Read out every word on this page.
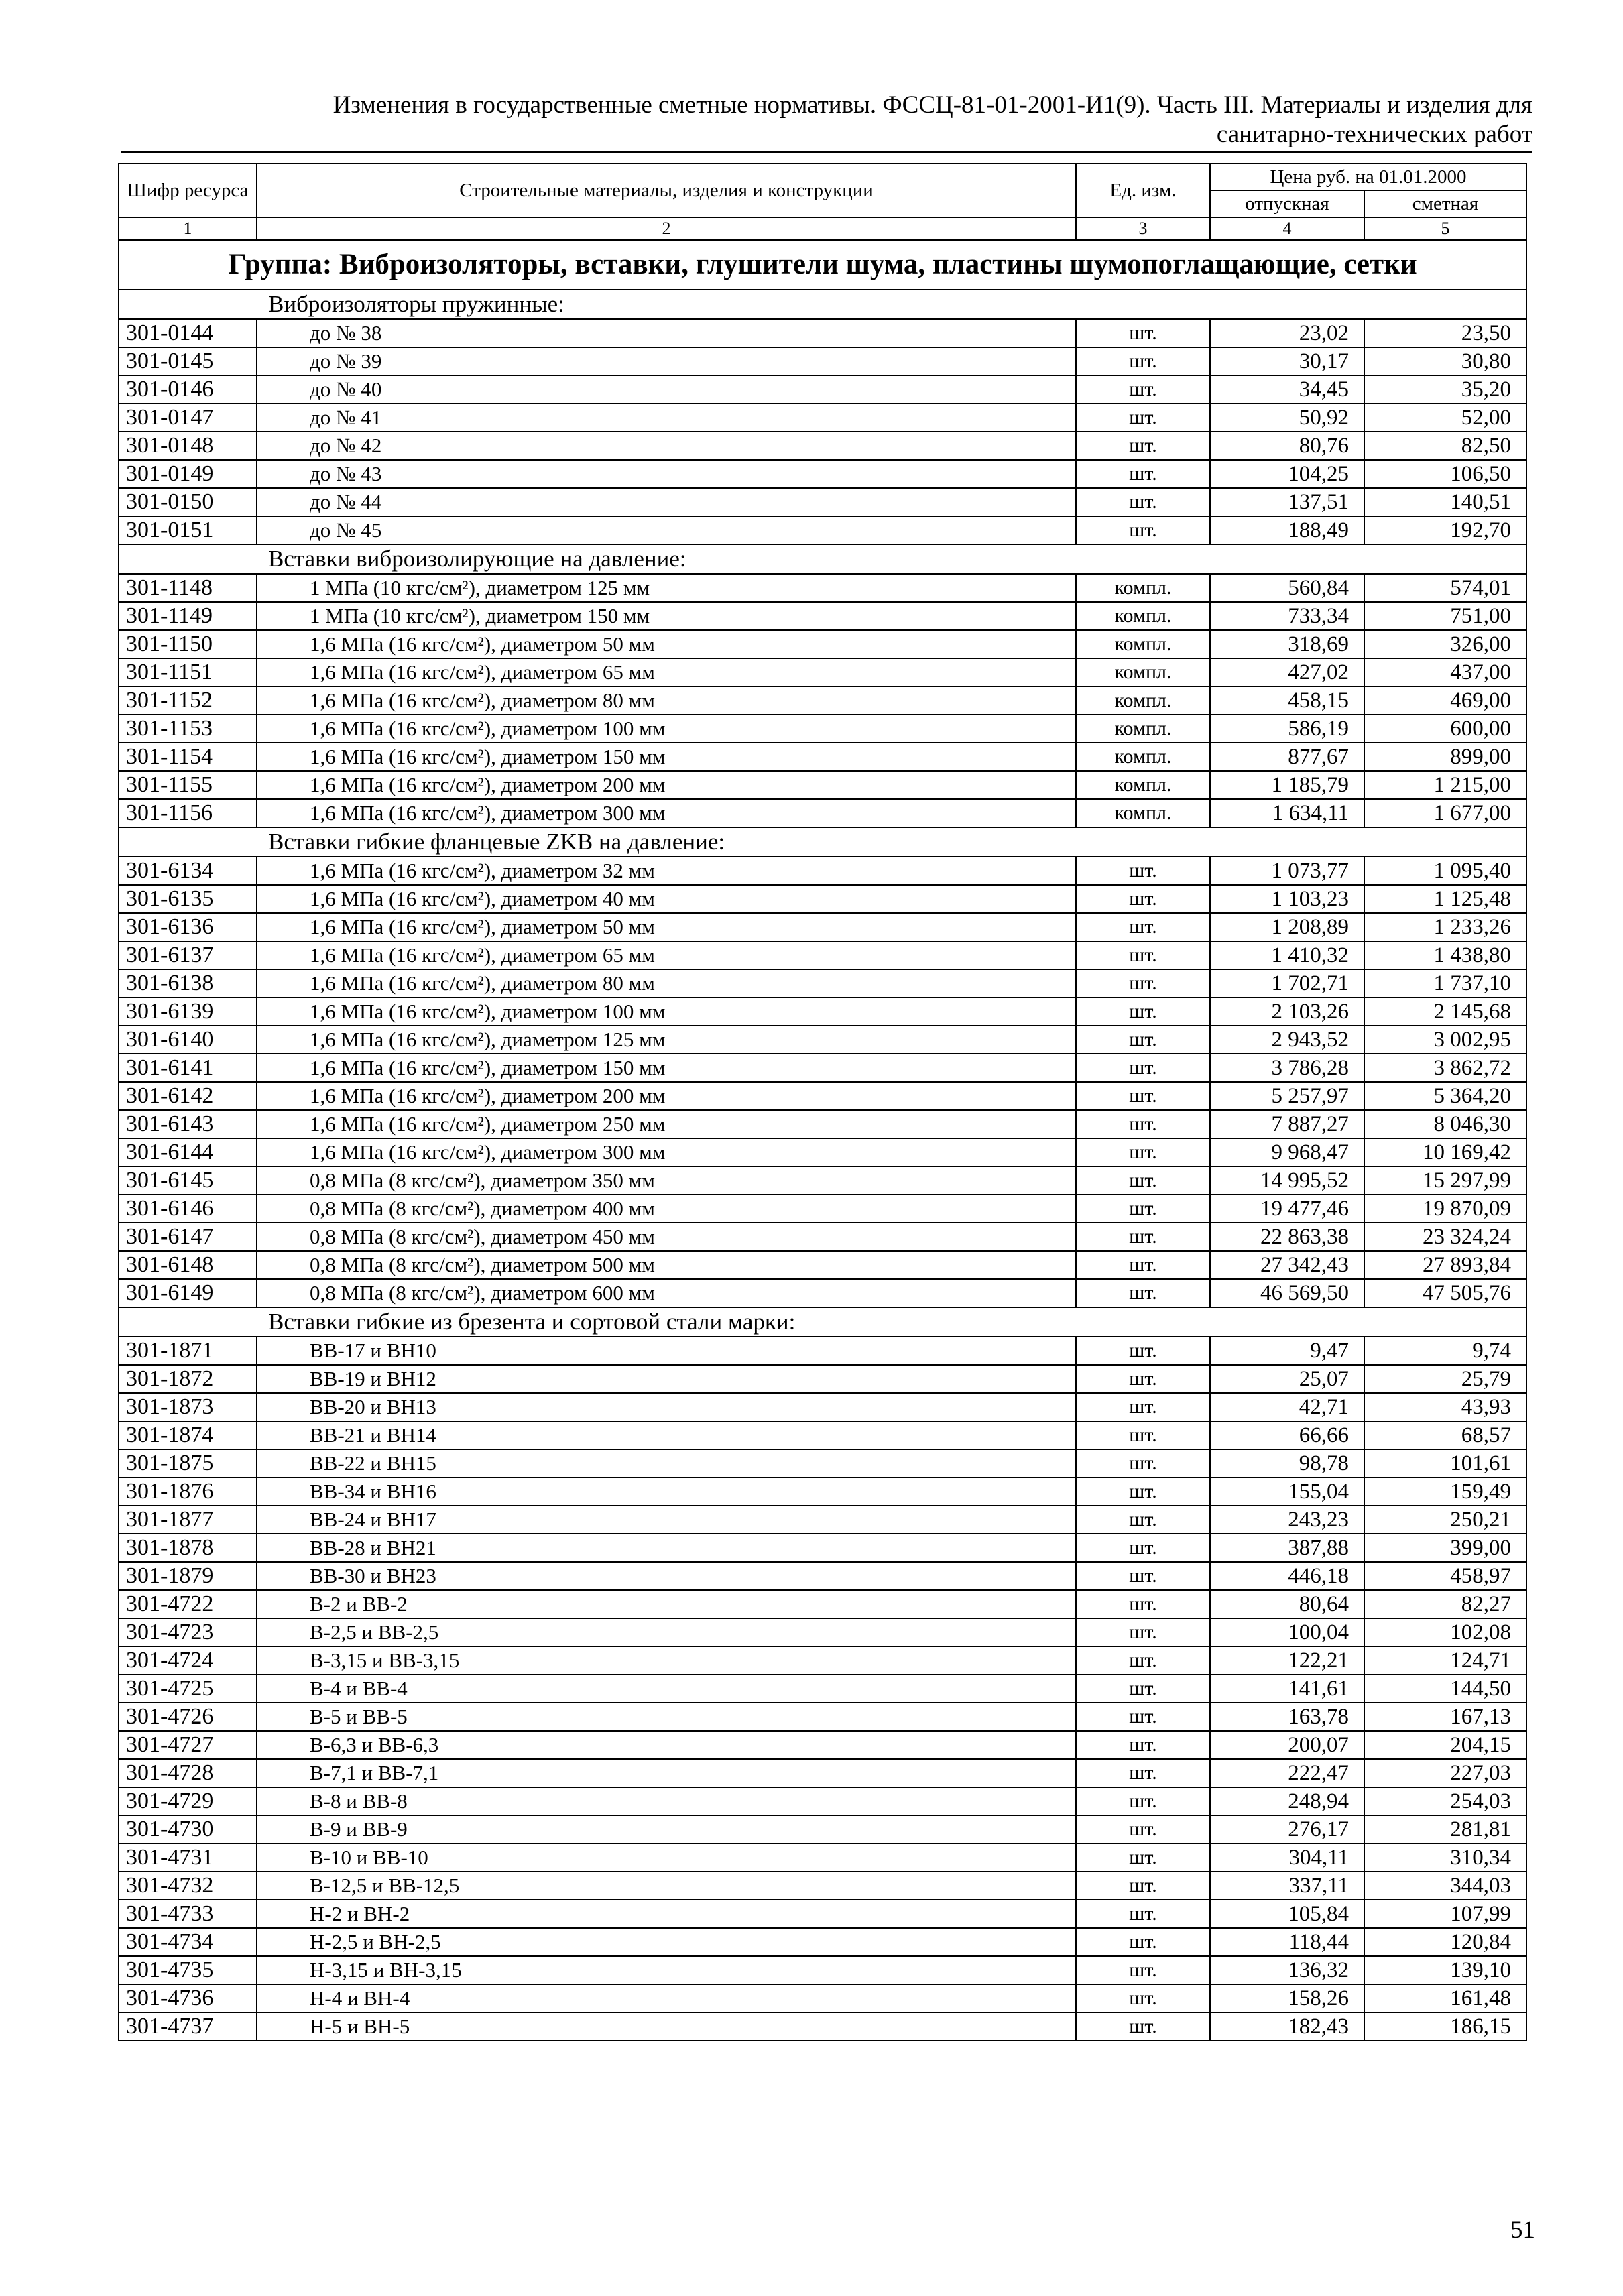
Изменения в государственные сметные нормативы. ФССЦ-81-01-2001-И1(9). Часть III. Материалы и изделия для
санитарно-технических работ
Шифр ресурса	Строительные материалы, изделия и конструкции	Ед. изм.	Цена руб. на 01.01.2000	
			отпускная	сметная
1	2	3	4	5
Группа: Виброизоляторы, вставки, глушители шума, пластины шумопоглащающие, сетки				
Виброизоляторы пружинные:				
301-0144	до № 38	шт.	23,02	23,50
301-0145	до № 39	шт.	30,17	30,80
301-0146	до № 40	шт.	34,45	35,20
301-0147	до № 41	шт.	50,92	52,00
301-0148	до № 42	шт.	80,76	82,50
301-0149	до № 43	шт.	104,25	106,50
301-0150	до № 44	шт.	137,51	140,51
301-0151	до № 45	шт.	188,49	192,70
Вставки виброизолирующие на давление:				
301-1148	1 МПа (10 кгс/см²), диаметром 125 мм	компл.	560,84	574,01
301-1149	1 МПа (10 кгс/см²), диаметром 150 мм	компл.	733,34	751,00
301-1150	1,6 МПа (16 кгс/см²), диаметром 50 мм	компл.	318,69	326,00
301-1151	1,6 МПа (16 кгс/см²), диаметром 65 мм	компл.	427,02	437,00
301-1152	1,6 МПа (16 кгс/см²), диаметром 80 мм	компл.	458,15	469,00
301-1153	1,6 МПа (16 кгс/см²), диаметром 100 мм	компл.	586,19	600,00
301-1154	1,6 МПа (16 кгс/см²), диаметром 150 мм	компл.	877,67	899,00
301-1155	1,6 МПа (16 кгс/см²), диаметром 200 мм	компл.	1 185,79	1 215,00
301-1156	1,6 МПа (16 кгс/см²), диаметром 300 мм	компл.	1 634,11	1 677,00
Вставки гибкие фланцевые ZKB на давление:				
301-6134	1,6 МПа (16 кгс/см²), диаметром 32 мм	шт.	1 073,77	1 095,40
301-6135	1,6 МПа (16 кгс/см²), диаметром 40 мм	шт.	1 103,23	1 125,48
301-6136	1,6 МПа (16 кгс/см²), диаметром 50 мм	шт.	1 208,89	1 233,26
301-6137	1,6 МПа (16 кгс/см²), диаметром 65 мм	шт.	1 410,32	1 438,80
301-6138	1,6 МПа (16 кгс/см²), диаметром 80 мм	шт.	1 702,71	1 737,10
301-6139	1,6 МПа (16 кгс/см²), диаметром 100 мм	шт.	2 103,26	2 145,68
301-6140	1,6 МПа (16 кгс/см²), диаметром 125 мм	шт.	2 943,52	3 002,95
301-6141	1,6 МПа (16 кгс/см²), диаметром 150 мм	шт.	3 786,28	3 862,72
301-6142	1,6 МПа (16 кгс/см²), диаметром 200 мм	шт.	5 257,97	5 364,20
301-6143	1,6 МПа (16 кгс/см²), диаметром 250 мм	шт.	7 887,27	8 046,30
301-6144	1,6 МПа (16 кгс/см²), диаметром 300 мм	шт.	9 968,47	10 169,42
301-6145	0,8 МПа (8 кгс/см²), диаметром 350 мм	шт.	14 995,52	15 297,99
301-6146	0,8 МПа (8 кгс/см²), диаметром 400 мм	шт.	19 477,46	19 870,09
301-6147	0,8 МПа (8 кгс/см²), диаметром 450 мм	шт.	22 863,38	23 324,24
301-6148	0,8 МПа (8 кгс/см²), диаметром 500 мм	шт.	27 342,43	27 893,84
301-6149	0,8 МПа (8 кгс/см²), диаметром 600 мм	шт.	46 569,50	47 505,76
Вставки гибкие из брезента и сортовой стали марки:				
301-1871	ВВ-17 и ВН10	шт.	9,47	9,74
301-1872	ВВ-19 и ВН12	шт.	25,07	25,79
301-1873	ВВ-20 и ВН13	шт.	42,71	43,93
301-1874	ВВ-21 и ВН14	шт.	66,66	68,57
301-1875	ВВ-22 и ВН15	шт.	98,78	101,61
301-1876	ВВ-34 и ВН16	шт.	155,04	159,49
301-1877	ВВ-24 и ВН17	шт.	243,23	250,21
301-1878	ВВ-28 и ВН21	шт.	387,88	399,00
301-1879	ВВ-30 и ВН23	шт.	446,18	458,97
301-4722	В-2 и ВВ-2	шт.	80,64	82,27
301-4723	В-2,5 и ВВ-2,5	шт.	100,04	102,08
301-4724	В-3,15 и ВВ-3,15	шт.	122,21	124,71
301-4725	В-4 и ВВ-4	шт.	141,61	144,50
301-4726	В-5 и ВВ-5	шт.	163,78	167,13
301-4727	В-6,3 и ВВ-6,3	шт.	200,07	204,15
301-4728	В-7,1 и ВВ-7,1	шт.	222,47	227,03
301-4729	В-8 и ВВ-8	шт.	248,94	254,03
301-4730	В-9 и ВВ-9	шт.	276,17	281,81
301-4731	В-10 и ВВ-10	шт.	304,11	310,34
301-4732	В-12,5 и ВВ-12,5	шт.	337,11	344,03
301-4733	Н-2 и ВН-2	шт.	105,84	107,99
301-4734	Н-2,5 и ВН-2,5	шт.	118,44	120,84
301-4735	Н-3,15 и ВН-3,15	шт.	136,32	139,10
301-4736	Н-4 и ВН-4	шт.	158,26	161,48
301-4737	Н-5 и ВН-5	шт.	182,43	186,15
51
